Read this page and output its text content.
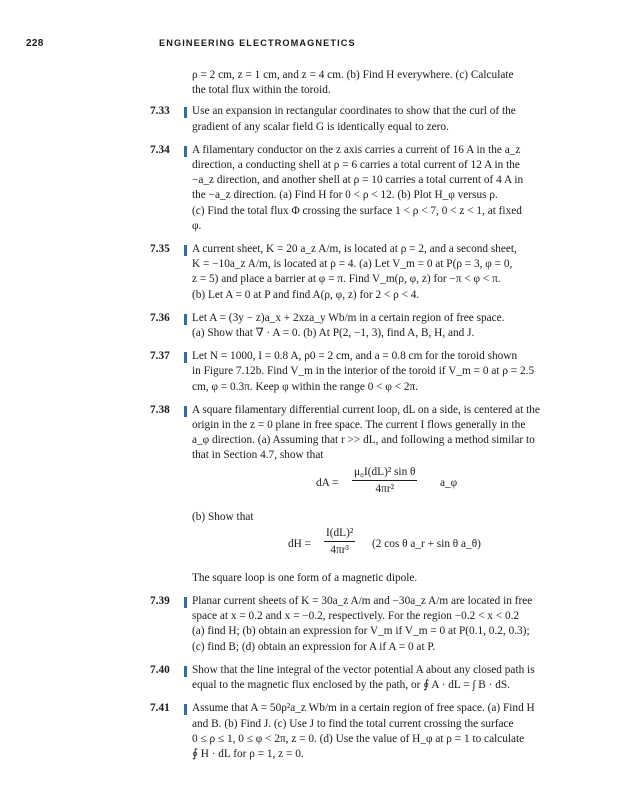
228	ENGINEERING ELECTROMAGNETICS
ρ = 2 cm, z = 1 cm, and z = 4 cm. (b) Find H everywhere. (c) Calculate
the total flux within the toroid.
7.33	Use an expansion in rectangular coordinates to show that the curl of the
gradient of any scalar field G is identically equal to zero.
7.34	A filamentary conductor on the z axis carries a current of 16 A in the a_z
direction, a conducting shell at ρ = 6 carries a total current of 12 A in the
−a_z direction, and another shell at ρ = 10 carries a total current of 4 A in
the −a_z direction. (a) Find H for 0 < ρ < 12. (b) Plot H_φ versus ρ.
(c) Find the total flux Φ crossing the surface 1 < ρ < 7, 0 < z < 1, at fixed
φ.
7.35	A current sheet, K = 20 a_z A/m, is located at ρ = 2, and a second sheet,
K = −10a_z A/m, is located at ρ = 4. (a) Let V_m = 0 at P(ρ = 3, φ = 0,
z = 5) and place a barrier at φ = π. Find V_m(ρ, φ, z) for −π < φ < π.
(b) Let A = 0 at P and find A(ρ, φ, z) for 2 < ρ < 4.
7.36	Let A = (3y − z)a_x + 2xza_y Wb/m in a certain region of free space.
(a) Show that ∇ · A = 0. (b) At P(2, −1, 3), find A, B, H, and J.
7.37	Let N = 1000, I = 0.8 A, ρ0 = 2 cm, and a = 0.8 cm for the toroid shown
in Figure 7.12b. Find V_m in the interior of the toroid if V_m = 0 at ρ = 2.5
cm, φ = 0.3π. Keep φ within the range 0 < φ < 2π.
7.38	A square filamentary differential current loop, dL on a side, is centered at the
origin in the z = 0 plane in free space. The current I flows generally in the
a_φ direction. (a) Assuming that r >> dL, and following a method similar to
that in Section 4.7, show that
dA = $\frac{\text{μ₀I(dL)² sin θ}}{\text{4πr²}}$ a_φ
(b) Show that
dH = $\frac{\text{I(dL)²}}{\text{4πr³}} (2$ cos θ a_r + sin θ a_θ)
The square loop is one form of a magnetic dipole.
7.39	Planar current sheets of K = 30a_z A/m and −30a_z A/m are located in free
space at x = 0.2 and x = −0.2, respectively. For the region −0.2 < x < 0.2
(a) find H; (b) obtain an expression for V_m if V_m = 0 at P(0.1, 0.2, 0.3);
(c) find B; (d) obtain an expression for A if A = 0 at P.
7.40	Show that the line integral of the vector potential A about any closed path is
equal to the magnetic flux enclosed by the path, or ∮ A · dL = ∫ B · dS.
7.41	Assume that A = 50ρ²a_z Wb/m in a certain region of free space. (a) Find H
and B. (b) Find J. (c) Use J to find the total current crossing the surface
0 ≤ ρ ≤ 1, 0 ≤ φ < 2π, z = 0. (d) Use the value of H_φ at ρ = 1 to calculate
∮ H · dL for ρ = 1, z = 0.
